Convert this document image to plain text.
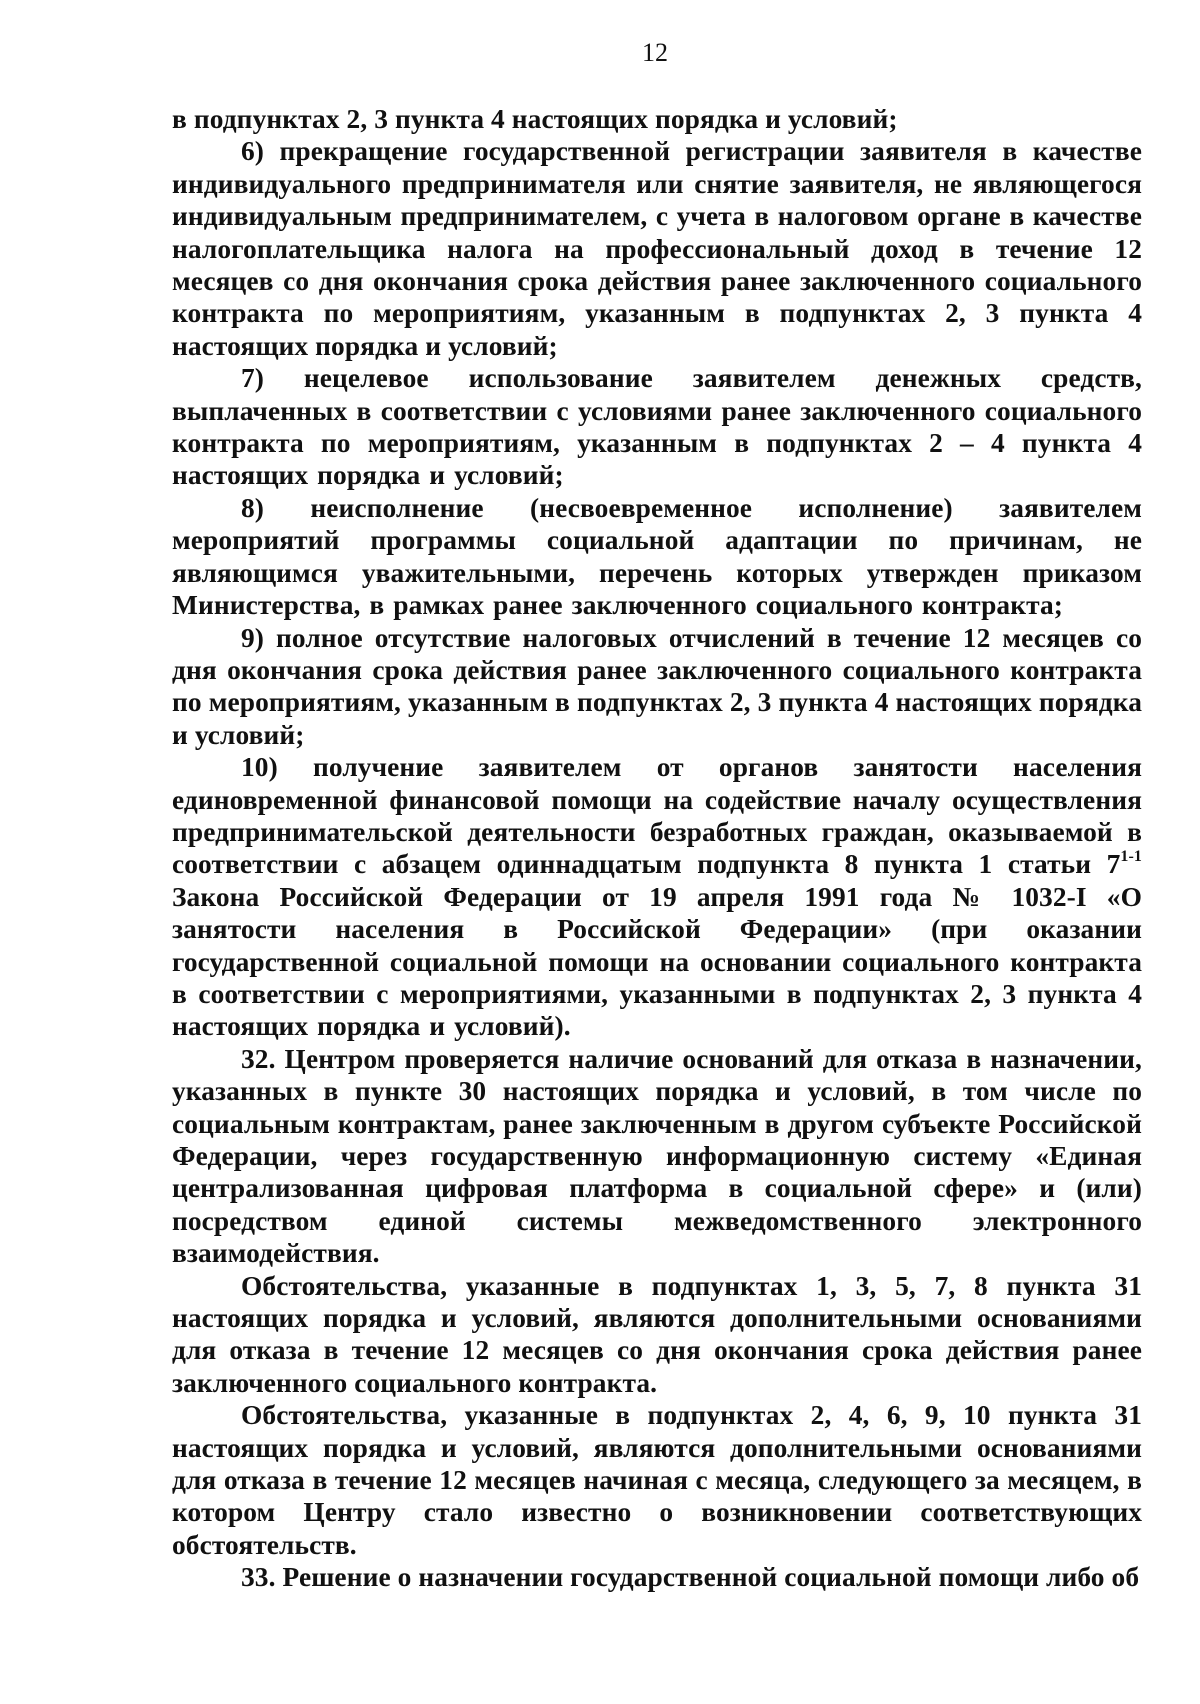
12

в подпунктах 2, 3 пункта 4 настоящих порядка и условий;

6) прекращение государственной регистрации заявителя в качестве индивидуального предпринимателя или снятие заявителя, не являющегося индивидуальным предпринимателем, с учета в налоговом органе в качестве налогоплательщика налога на профессиональный доход в течение 12 месяцев со дня окончания срока действия ранее заключенного социального контракта по мероприятиям, указанным в подпунктах 2, 3 пункта 4 настоящих порядка и условий;

7) нецелевое использование заявителем денежных средств, выплаченных в соответствии с условиями ранее заключенного социального контракта по мероприятиям, указанным в подпунктах 2 – 4 пункта 4 настоящих порядка и условий;

8) неисполнение (несвоевременное исполнение) заявителем мероприятий программы социальной адаптации по причинам, не являющимся уважительными, перечень которых утвержден приказом Министерства, в рамках ранее заключенного социального контракта;

9) полное отсутствие налоговых отчислений в течение 12 месяцев со дня окончания срока действия ранее заключенного социального контракта по мероприятиям, указанным в подпунктах 2, 3 пункта 4 настоящих порядка и условий;

10) получение заявителем от органов занятости населения единовременной финансовой помощи на содействие началу осуществления предпринимательской деятельности безработных граждан, оказываемой в соответствии с абзацем одиннадцатым подпункта 8 пункта 1 статьи 7$^{1-1}$ Закона Российской Федерации от 19 апреля 1991 года № 1032-I «О занятости населения в Российской Федерации» (при оказании государственной социальной помощи на основании социального контракта в соответствии с мероприятиями, указанными в подпунктах 2, 3 пункта 4 настоящих порядка и условий).

32. Центром проверяется наличие оснований для отказа в назначении, указанных в пункте 30 настоящих порядка и условий, в том числе по социальным контрактам, ранее заключенным в другом субъекте Российской Федерации, через государственную информационную систему «Единая централизованная цифровая платформа в социальной сфере» и (или) посредством единой системы межведомственного электронного взаимодействия.

Обстоятельства, указанные в подпунктах 1, 3, 5, 7, 8 пункта 31 настоящих порядка и условий, являются дополнительными основаниями для отказа в течение 12 месяцев со дня окончания срока действия ранее заключенного социального контракта.

Обстоятельства, указанные в подпунктах 2, 4, 6, 9, 10 пункта 31 настоящих порядка и условий, являются дополнительными основаниями для отказа в течение 12 месяцев начиная с месяца, следующего за месяцем, в котором Центру стало известно о возникновении соответствующих обстоятельств.

33. Решение о назначении государственной социальной помощи либо об
